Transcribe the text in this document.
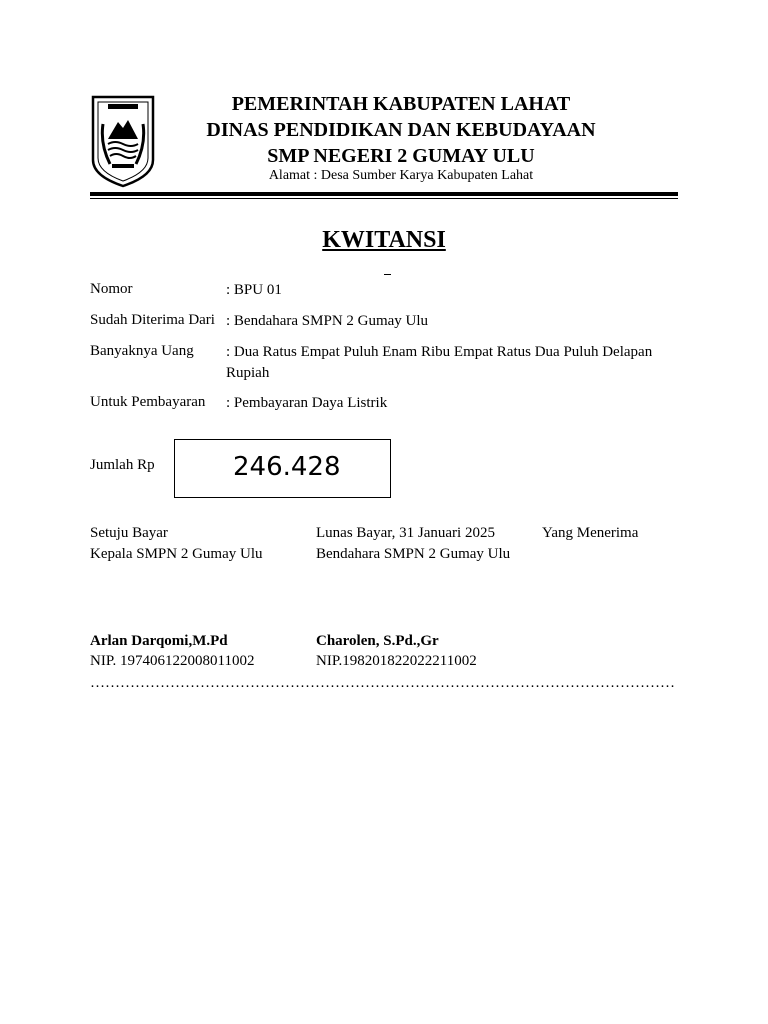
PEMERINTAH KABUPATEN LAHAT
DINAS PENDIDIKAN DAN KEBUDAYAAN
SMP NEGERI 2 GUMAY ULU
Alamat : Desa Sumber Karya Kabupaten Lahat
KWITANSI
Nomor	: BPU 01
Sudah Diterima Dari : Bendahara SMPN 2 Gumay Ulu
Banyaknya Uang : Dua Ratus Empat Puluh Enam Ribu Empat Ratus Dua Puluh Delapan Rupiah
Untuk Pembayaran : Pembayaran Daya Listrik
Jumlah Rp	246.428
Setuju Bayar
Kepala SMPN 2 Gumay Ulu
Arlan Darqomi,M.Pd
NIP. 197406122008011002
Lunas Bayar, 31 Januari 2025
Bendahara SMPN 2 Gumay Ulu
Charolen, S.Pd.,Gr
NIP.198201822022211002
Yang Menerima
………………………………………………………………………………………………………
